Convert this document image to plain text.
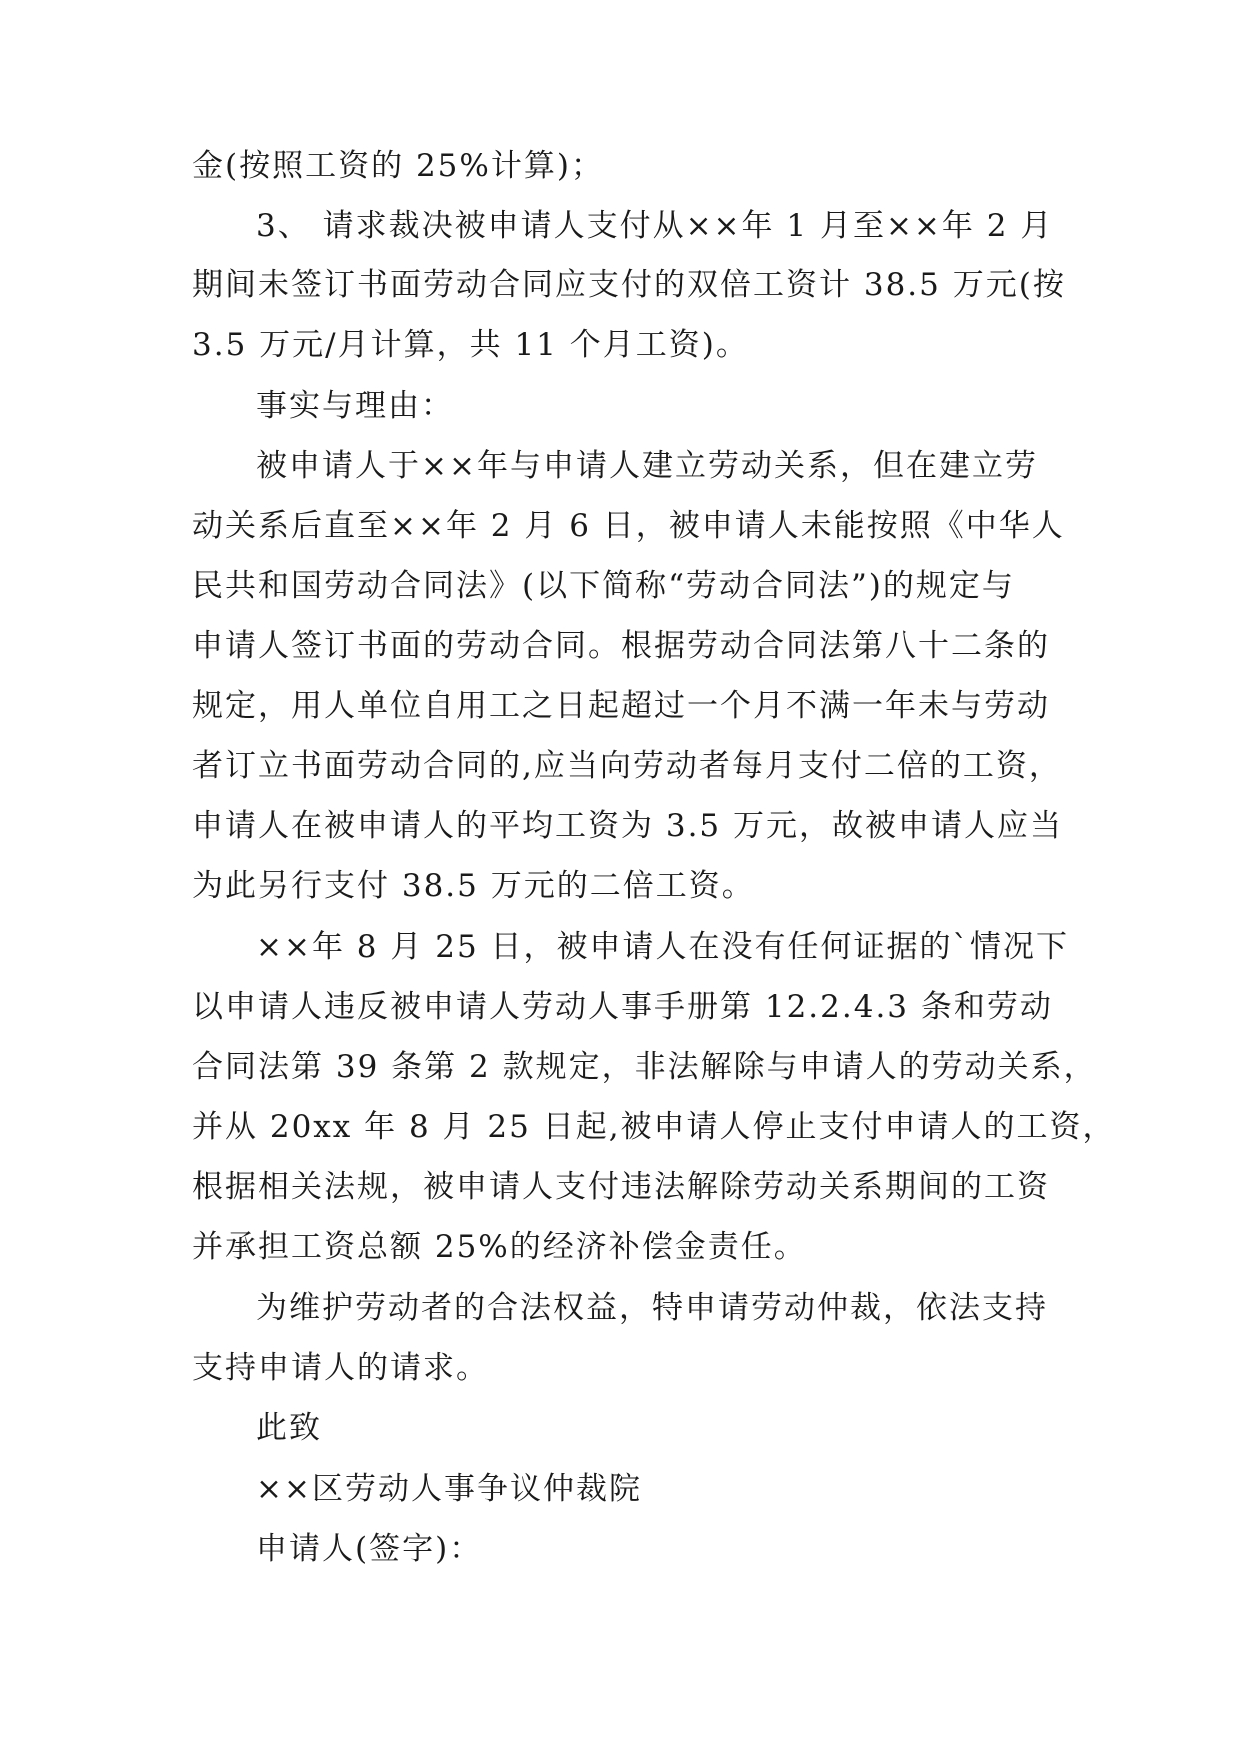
金(按照工资的 25%计算)；
3、 请求裁决被申请人支付从××年 1 月至××年 2 月
期间未签订书面劳动合同应支付的双倍工资计 38.5 万元(按
3.5 万元/月计算，共 11 个月工资)。
事实与理由：
被申请人于××年与申请人建立劳动关系，但在建立劳
动关系后直至××年 2 月 6 日，被申请人未能按照《中华人
民共和国劳动合同法》(以下简称“劳动合同法”)的规定与
申请人签订书面的劳动合同。根据劳动合同法第八十二条的
规定，用人单位自用工之日起超过一个月不满一年未与劳动
者订立书面劳动合同的,应当向劳动者每月支付二倍的工资，
申请人在被申请人的平均工资为 3.5 万元，故被申请人应当
为此另行支付 38.5 万元的二倍工资。
××年 8 月 25 日，被申请人在没有任何证据的`情况下
以申请人违反被申请人劳动人事手册第 12.2.4.3 条和劳动
合同法第 39 条第 2 款规定，非法解除与申请人的劳动关系，
并从 20xx 年 8 月 25 日起,被申请人停止支付申请人的工资，
根据相关法规，被申请人支付违法解除劳动关系期间的工资
并承担工资总额 25%的经济补偿金责任。
为维护劳动者的合法权益，特申请劳动仲裁，依法支持
支持申请人的请求。
此致
××区劳动人事争议仲裁院
申请人(签字)：
